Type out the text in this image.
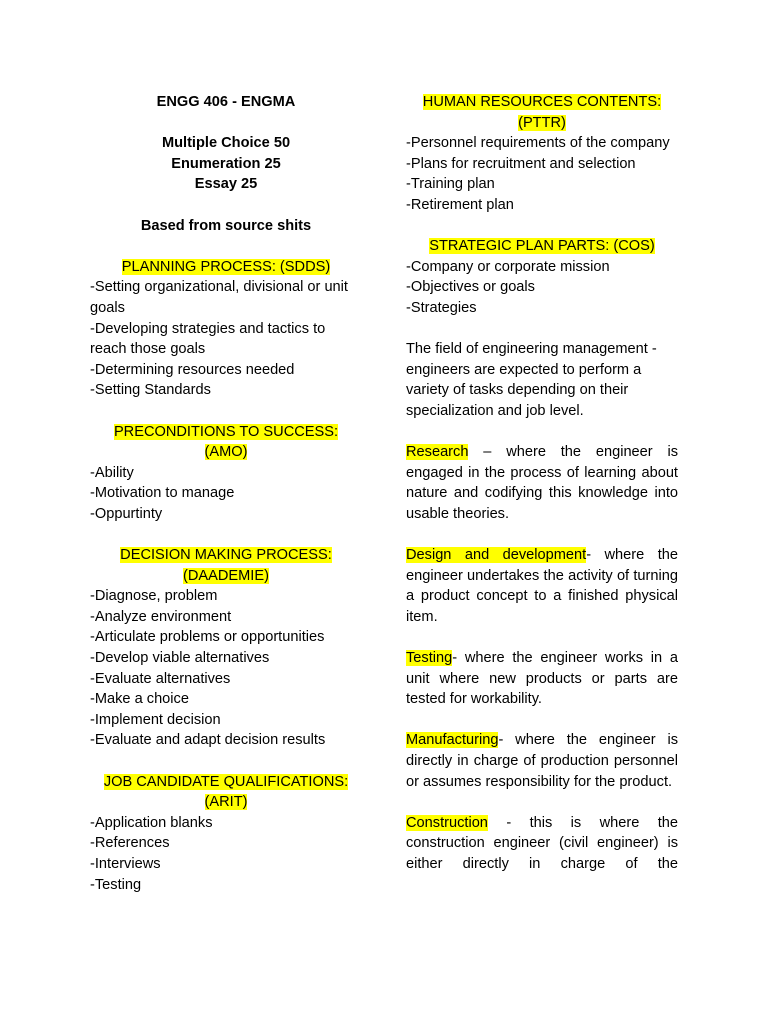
ENGG 406 - ENGMA
Multiple Choice 50
Enumeration 25
Essay 25
Based from source shits
PLANNING PROCESS: (SDDS)
-Setting organizational, divisional or unit goals
-Developing strategies and tactics to reach those goals
-Determining resources needed
-Setting Standards
PRECONDITIONS TO SUCCESS:
(AMO)
-Ability
-Motivation to manage
-Oppurtinty
DECISION MAKING PROCESS:
(DAADEMIE)
-Diagnose, problem
-Analyze environment
-Articulate problems or opportunities
-Develop viable alternatives
-Evaluate alternatives
-Make a choice
-Implement decision
-Evaluate and adapt decision results
JOB CANDIDATE QUALIFICATIONS:
(ARIT)
-Application blanks
-References
-Interviews
-Testing
HUMAN RESOURCES CONTENTS:
(PTTR)
-Personnel requirements of the company
-Plans for recruitment and selection
-Training plan
-Retirement plan
STRATEGIC PLAN PARTS: (COS)
-Company or corporate mission
-Objectives or goals
-Strategies
The field of engineering management - engineers are expected to perform a variety of tasks depending on their specialization and job level.
Research – where the engineer is engaged in the process of learning about nature and codifying this knowledge into usable theories.
Design and development- where the engineer undertakes the activity of turning a product concept to a finished physical item.
Testing- where the engineer works in a unit where new products or parts are tested for workability.
Manufacturing- where the engineer is directly in charge of production personnel or assumes responsibility for the product.
Construction - this is where the construction engineer (civil engineer) is either directly in charge of the
